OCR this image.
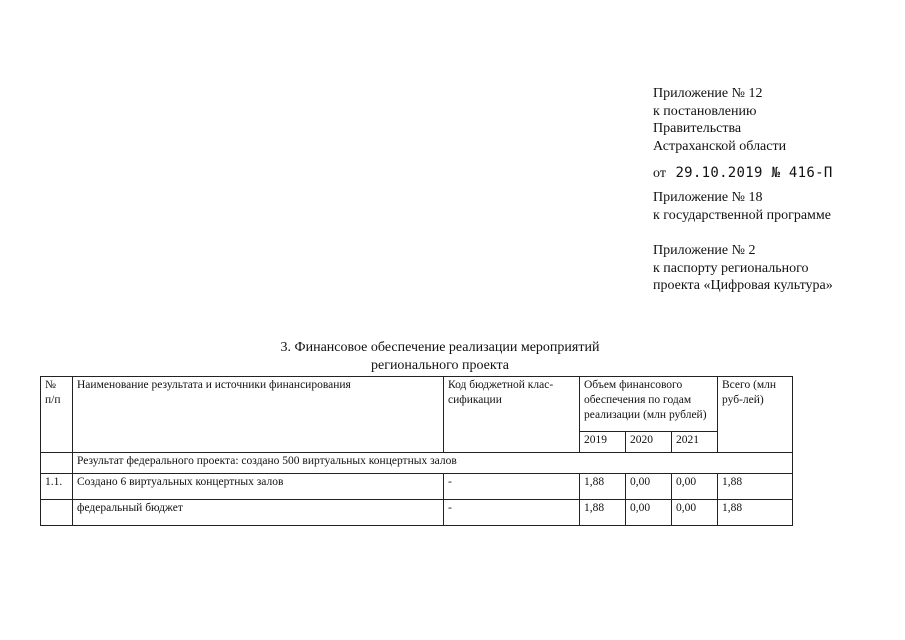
Приложение № 12
к постановлению
Правительства
Астраханской области
от 29.10.2019 № 416-П
Приложение № 18
к государственной программе
Приложение № 2
к паспорту регионального
проекта «Цифровая культура»
3. Финансовое обеспечение реализации мероприятий
регионального проекта
№ п/п	Наименование результата и источники финансирования	Код бюджетной клас-сификации	Объем финансового обеспечения по годам реализации (млн рублей)			Всего (млн руб-лей)
			2019	2020	2021	
	Результат федерального проекта: создано 500 виртуальных концертных залов					
1.1.	Создано 6 виртуальных концертных залов	-	1,88	0,00	0,00	1,88
	федеральный бюджет	-	1,88	0,00	0,00	1,88
